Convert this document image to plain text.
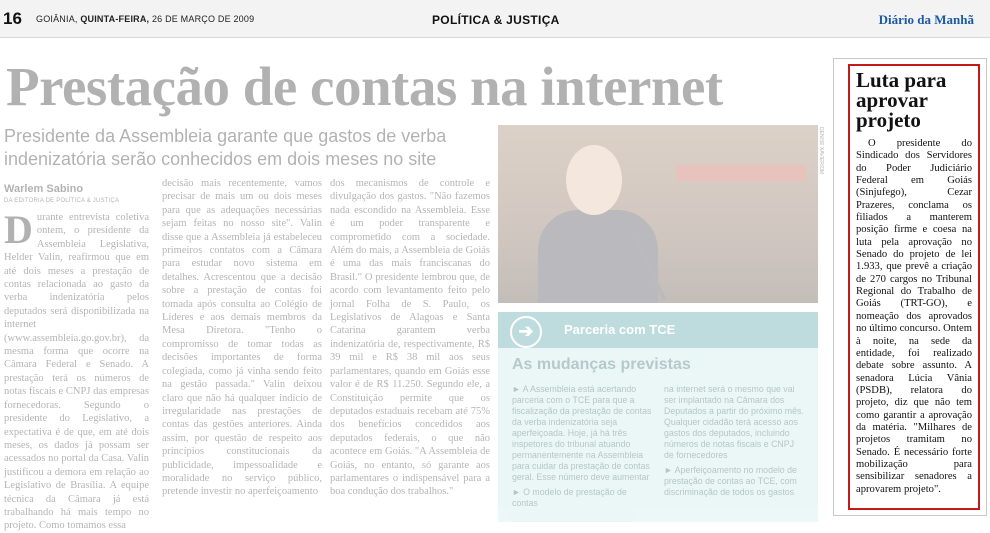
16 GOIÂNIA, QUINTA-FEIRA, 26 DE MARÇO DE 2009	POLÍTICA & JUSTIÇA	Diário da Manhã
Prestação de contas na internet
Presidente da Assembleia garante que gastos de verba indenizatória serão conhecidos em dois meses no site
Warlem Sabino
DA EDITORIA DE POLÍTICA & JUSTIÇA
Durante entrevista coletiva ontem, o presidente da Assembleia Legislativa, Helder Valin, reafirmou que em até dois meses a prestação de contas relacionada ao gasto da verba indenizatória pelos deputados será disponibilizada na internet (www.assembleia.go.gov.br), da mesma forma que ocorre na Câmara Federal e Senado. A prestação terá os números de notas fiscais e CNPJ das empresas fornecedoras. Segundo o presidente do Legislativo, a expectativa é de que, em até dois meses, os dados já possam ser acessados no portal da Casa. Valin justificou a demora em relação ao Legislativo de Brasília. A equipe técnica da Câmara já está trabalhando há mais tempo no projeto. Como tomamos essa
decisão mais recentemente, vamos precisar de mais um ou dois meses para que as adequações necessárias sejam feitas no nosso site". Valin disse que a Assembleia já estabeleceu primeiros contatos com a Câmara para estudar novo sistema em detalhes. Acrescentou que a decisão sobre a prestação de contas foi tomada após consulta ao Colégio de Líderes e aos demais membros da Mesa Diretora. "Tenho o compromisso de tomar todas as decisões importantes de forma colegiada, como já vinha sendo feito na gestão passada." Valin deixou claro que não há qualquer indício de irregularidade nas prestações de contas das gestões anteriores. Ainda assim, por questão de respeito aos princípios constitucionais da publicidade, impessoalidade e moralidade no serviço público, pretende investir no aperfeiçoamento
dos mecanismos de controle e divulgação dos gastos. "Não fazemos nada escondido na Assembleia. Esse é um poder transparente e comprometido com a sociedade. Além do mais, a Assembleia de Goiás é uma das mais franciscanas do Brasil." O presidente lembrou que, de acordo com levantamento feito pelo jornal Folha de S. Paulo, os Legislativos de Alagoas e Santa Catarina garantem verba indenizatória de, respectivamente, R$ 39 mil e R$ 38 mil aos seus parlamentares, quando em Goiás esse valor é de R$ 11.250. Segundo ele, a Constituição permite que os deputados estaduais recebam até 75% dos benefícios concedidos aos deputados federais, o que não acontece em Goiás. "A Assembleia de Goiás, no entanto, só garante aos parlamentares o indispensável para a boa condução dos trabalhos."
DENISE XAVIER/DM
➔	Parceria com TCE
As mudanças previstas

► A Assembleia está acertando parceria com o TCE para que a fiscalização da prestação de contas da verba indenizatória seja aperfeiçoada. Hoje, já há três inspetores do tribunal atuando permanentemente na Assembleia para cuidar da prestação de contas geral. Esse número deve aumentar

► O modelo de prestação de contas

na internet será o mesmo que vai ser implantado na Câmara dos Deputados a partir do próximo mês. Qualquer cidadão terá acesso aos gastos dos deputados, incluindo números de notas fiscais e CNPJ de fornecedores

► Aperfeiçoamento no modelo de prestação de contas ao TCE, com discriminação de todos os gastos

Luta para aprovar projeto
O presidente do Sindicado dos Servidores do Poder Judiciário Federal em Goiás (Sinjufego), Cezar Prazeres, conclama os filiados a manterem posição firme e coesa na luta pela aprovação no Senado do projeto de lei 1.933, que prevê a criação de 270 cargos no Tribunal Regional do Trabalho de Goiás (TRT-GO), e nomeação dos aprovados no último concurso. Ontem à noite, na sede da entidade, foi realizado debate sobre assunto. A senadora Lúcia Vânia (PSDB), relatora do projeto, diz que não tem como garantir a aprovação da matéria. "Milhares de projetos tramitam no Senado. É necessário forte mobilização para sensibilizar senadores a aprovarem projeto".
